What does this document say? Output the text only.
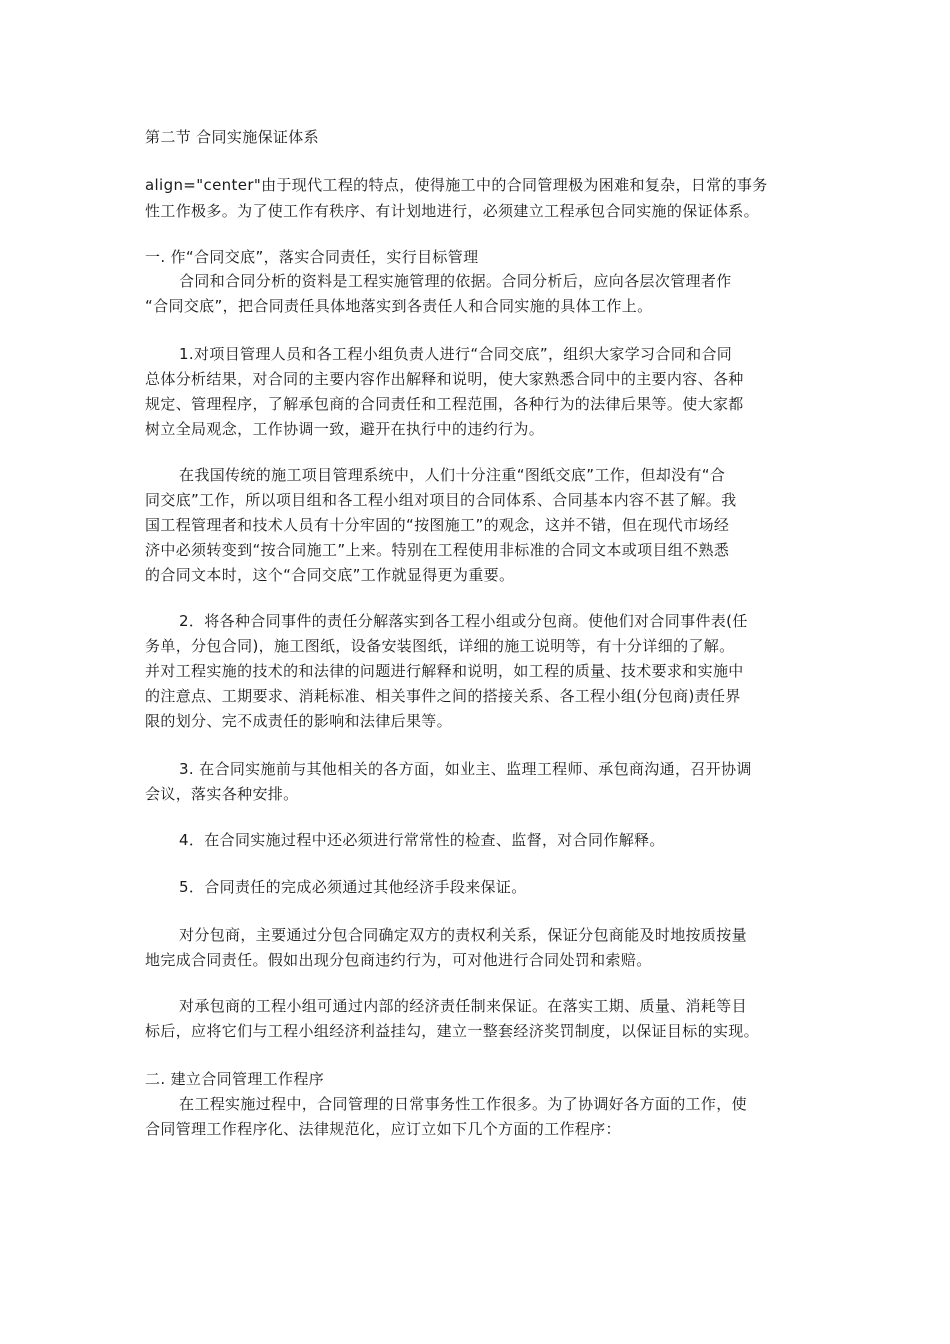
第二节 合同实施保证体系
align="center"由于现代工程的特点，使得施工中的合同管理极为困难和复杂，日常的事务
性工作极多。为了使工作有秩序、有计划地进行，必须建立工程承包合同实施的保证体系。
一. 作“合同交底”，落实合同责任，实行目标管理
合同和合同分析的资料是工程实施管理的依据。合同分析后，应向各层次管理者作
“合同交底”，把合同责任具体地落实到各责任人和合同实施的具体工作上。
1.对项目管理人员和各工程小组负责人进行“合同交底”，组织大家学习合同和合同
总体分析结果，对合同的主要内容作出解释和说明，使大家熟悉合同中的主要内容、各种
规定、管理程序，了解承包商的合同责任和工程范围，各种行为的法律后果等。使大家都
树立全局观念，工作协调一致，避开在执行中的违约行为。
在我国传统的施工项目管理系统中，人们十分注重“图纸交底”工作，但却没有“合
同交底”工作，所以项目组和各工程小组对项目的合同体系、合同基本内容不甚了解。我
国工程管理者和技术人员有十分牢固的“按图施工”的观念，这并不错，但在现代市场经
济中必须转变到“按合同施工”上来。特别在工程使用非标准的合同文本或项目组不熟悉
的合同文本时，这个“合同交底”工作就显得更为重要。
2．将各种合同事件的责任分解落实到各工程小组或分包商。使他们对合同事件表(任
务单，分包合同)，施工图纸，设备安装图纸，详细的施工说明等，有十分详细的了解。
并对工程实施的技术的和法律的问题进行解释和说明，如工程的质量、技术要求和实施中
的注意点、工期要求、消耗标准、相关事件之间的搭接关系、各工程小组(分包商)责任界
限的划分、完不成责任的影响和法律后果等。
3. 在合同实施前与其他相关的各方面，如业主、监理工程师、承包商沟通，召开协调
会议，落实各种安排。
4．在合同实施过程中还必须进行常常性的检查、监督，对合同作解释。
5．合同责任的完成必须通过其他经济手段来保证。
对分包商，主要通过分包合同确定双方的责权利关系，保证分包商能及时地按质按量
地完成合同责任。假如出现分包商违约行为，可对他进行合同处罚和索赔。
对承包商的工程小组可通过内部的经济责任制来保证。在落实工期、质量、消耗等目
标后，应将它们与工程小组经济利益挂勾，建立一整套经济奖罚制度，以保证目标的实现。
二. 建立合同管理工作程序
在工程实施过程中，合同管理的日常事务性工作很多。为了协调好各方面的工作，使
合同管理工作程序化、法律规范化，应订立如下几个方面的工作程序：
